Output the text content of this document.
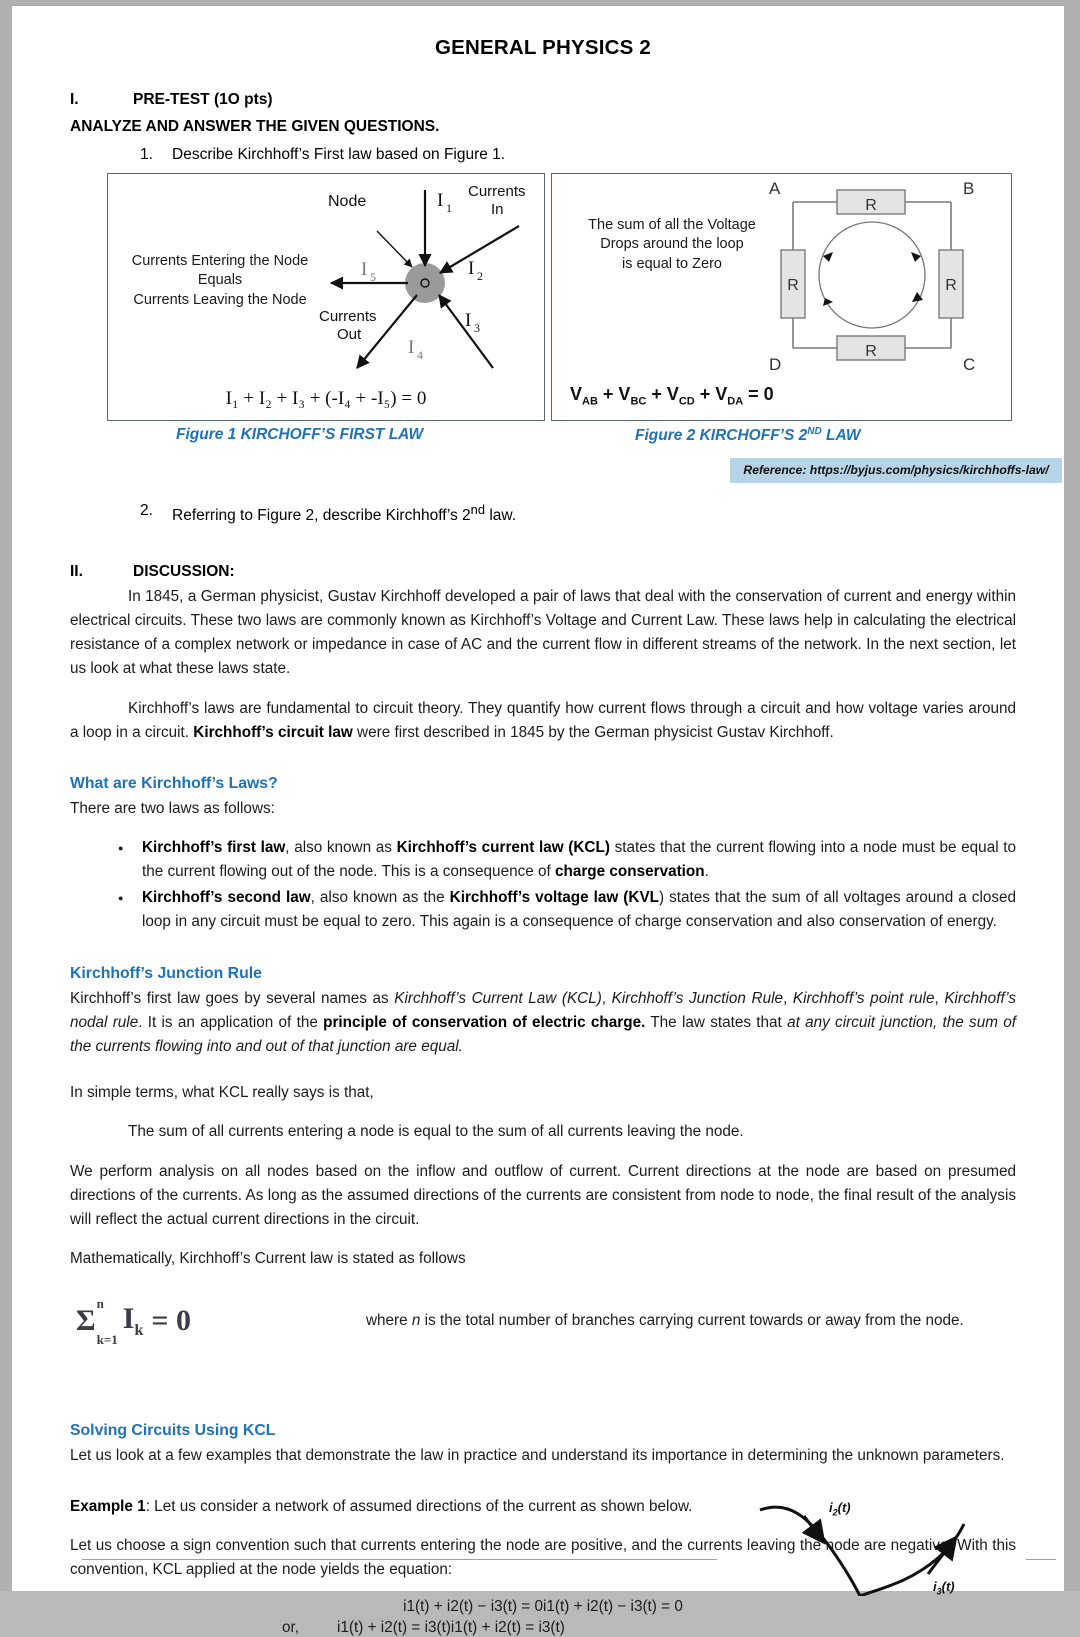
GENERAL PHYSICS 2
I.	PRE-TEST (1O pts)
ANALYZE AND ANSWER THE GIVEN QUESTIONS.
1.	Describe Kirchhoff’s First law based on Figure 1.
Currents Entering the Node
Equals
Currents Leaving the Node
Node	I 1
Currents
In
I 2
I 3
I 4
I 5
Currents
Out
I₁ + I₂ + I₃ + (-I₄ + -I₅) = 0
The sum of all the Voltage
Drops around the loop
is equal to Zero
R
R
R	R
A	B
C
D
$V_{AB} + V_{BC} + V_{CD} + V_{DA} = 0$
Figure 1 KIRCHOFF’S FIRST LAW	Figure 2 KIRCHOFF’S 2ND LAW
Reference: https://byjus.com/physics/kirchhoffs-law/
2.	Referring to Figure 2, describe Kirchhoff’s 2nd law.
II.	DISCUSSION:

In 1845, a German physicist, Gustav Kirchhoff developed a pair of laws that deal with the conservation of current and energy within electrical circuits. These two laws are commonly known as Kirchhoff’s Voltage and Current Law. These laws help in calculating the electrical resistance of a complex network or impedance in case of AC and the current flow in different streams of the network. In the next section, let us look at what these laws state.

Kirchhoff’s laws are fundamental to circuit theory. They quantify how current flows through a circuit and how voltage varies around a loop in a circuit. Kirchhoff’s circuit law were first described in 1845 by the German physicist Gustav Kirchhoff.

What are Kirchhoff’s Laws?

There are two laws as follows:

● Kirchhoff’s first law, also known as Kirchhoff’s current law (KCL) states that the current flowing into a node must be equal to the current flowing out of the node. This is a consequence of charge conservation.
● Kirchhoff’s second law, also known as the Kirchhoff’s voltage law (KVL) states that the sum of all voltages around a closed loop in any circuit must be equal to zero. This again is a consequence of charge conservation and also conservation of energy.
Kirchhoff’s Junction Rule

Kirchhoff’s first law goes by several names as Kirchhoff’s Current Law (KCL), Kirchhoff’s Junction Rule, Kirchhoff’s point rule, Kirchhoff’s nodal rule. It is an application of the principle of conservation of electric charge. The law states that at any circuit junction, the sum of the currents flowing into and out of that junction are equal.

In simple terms, what KCL really says is that,

The sum of all currents entering a node is equal to the sum of all currents leaving the node.

We perform analysis on all nodes based on the inflow and outflow of current. Current directions at the node are based on presumed directions of the currents. As long as the assumed directions of the currents are consistent from node to node, the final result of the analysis will reflect the actual current directions in the circuit.

Mathematically, Kirchhoff’s Current law is stated as follows

Σ
n
k=1
$I_k = 0$	where n is the total number of branches carrying current towards or away from the node.
Solving Circuits Using KCL

Let us look at a few examples that demonstrate the law in practice and understand its importance in determining the unknown parameters.

Example 1: Let us consider a network of assumed directions of the current as shown below.

Let us choose a sign convention such that currents entering the node are positive, and the currents leaving the node are negative. With this convention, KCL applied at the node yields the equation:

i1(t) + i2(t) − i3(t) = 0i1(t) + i2(t) − i3(t) = 0
or, i1(t) + i2(t) = i3(t)i1(t) + i2(t) = i3(t)
$i_2(t)$
$i_3(t)$
